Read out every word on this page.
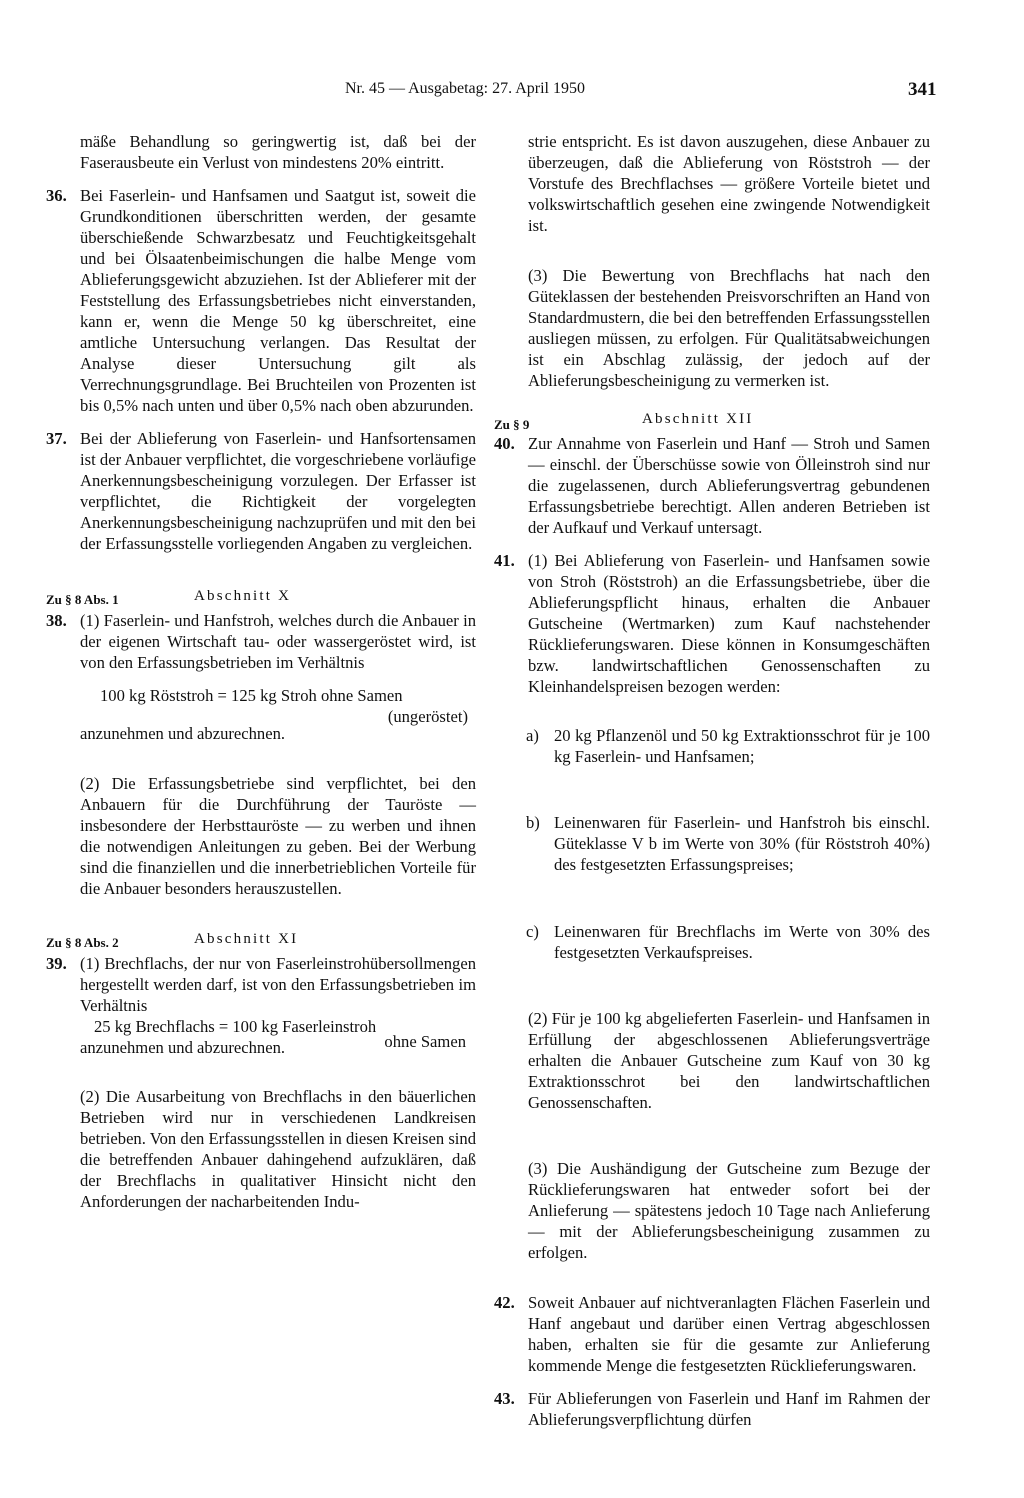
Nr. 45 — Ausgabetag: 27. April 1950	341

mäße Behandlung so geringwertig ist, daß bei der Faserausbeute ein Verlust von mindestens 20% eintritt.

36. Bei Faserlein- und Hanfsamen und Saatgut ist, soweit die Grundkonditionen überschritten werden, der gesamte überschießende Schwarzbesatz und Feuchtigkeitsgehalt und bei Ölsaatenbeimischungen die halbe Menge vom Ablieferungsgewicht abzuziehen. Ist der Ablieferer mit der Feststellung des Erfassungsbetriebes nicht einverstanden, kann er, wenn die Menge 50 kg überschreitet, eine amtliche Untersuchung verlangen. Das Resultat der Analyse dieser Untersuchung gilt als Verrechnungsgrundlage. Bei Bruchteilen von Prozenten ist bis 0,5% nach unten und über 0,5% nach oben abzurunden.

37. Bei der Ablieferung von Faserlein- und Hanfsortensamen ist der Anbauer verpflichtet, die vorgeschriebene vorläufige Anerkennungsbescheinigung vorzulegen. Der Erfasser ist verpflichtet, die Richtigkeit der vorgelegten Anerkennungsbescheinigung nachzuprüfen und mit den bei der Erfassungsstelle vorliegenden Angaben zu vergleichen.

Zu § 8 Abs. 1	Abschnitt X

38. (1) Faserlein- und Hanfstroh, welches durch die Anbauer in der eigenen Wirtschaft tau- oder wassergeröstet wird, ist von den Erfassungsbetrieben im Verhältnis

100 kg Röststroh = 125 kg Stroh ohne Samen
(ungeröstet)

anzunehmen und abzurechnen.

(2) Die Erfassungsbetriebe sind verpflichtet, bei den Anbauern für die Durchführung der Tauröste — insbesondere der Herbsttauröste — zu werben und ihnen die notwendigen Anleitungen zu geben. Bei der Werbung sind die finanziellen und die innerbetrieblichen Vorteile für die Anbauer besonders herauszustellen.

Zu § 8 Abs. 2	Abschnitt XI

39. (1) Brechflachs, der nur von Faserleinstrohübersollmengen hergestellt werden darf, ist von den Erfassungsbetrieben im Verhältnis

25 kg Brechflachs = 100 kg Faserleinstroh
anzunehmen und abzurechnen.	ohne Samen

(2) Die Ausarbeitung von Brechflachs in den bäuerlichen Betrieben wird nur in verschiedenen Landkreisen betrieben. Von den Erfassungsstellen in diesen Kreisen sind die betreffenden Anbauer dahingehend aufzuklären, daß der Brechflachs in qualitativer Hinsicht nicht den Anforderungen der nacharbeitenden Indu-

strie entspricht. Es ist davon auszugehen, diese Anbauer zu überzeugen, daß die Ablieferung von Röststroh — der Vorstufe des Brechflachses — größere Vorteile bietet und volkswirtschaftlich gesehen eine zwingende Notwendigkeit ist.

(3) Die Bewertung von Brechflachs hat nach den Güteklassen der bestehenden Preisvorschriften an Hand von Standardmustern, die bei den betreffenden Erfassungsstellen ausliegen müssen, zu erfolgen. Für Qualitätsabweichungen ist ein Abschlag zulässig, der jedoch auf der Ablieferungsbescheinigung zu vermerken ist.

Zu § 9	Abschnitt XII

40. Zur Annahme von Faserlein und Hanf — Stroh und Samen — einschl. der Überschüsse sowie von Ölleinstroh sind nur die zugelassenen, durch Ablieferungsvertrag gebundenen Erfassungsbetriebe berechtigt. Allen anderen Betrieben ist der Aufkauf und Verkauf untersagt.

41. (1) Bei Ablieferung von Faserlein- und Hanfsamen sowie von Stroh (Röststroh) an die Erfassungsbetriebe, über die Ablieferungspflicht hinaus, erhalten die Anbauer Gutscheine (Wertmarken) zum Kauf nachstehender Rücklieferungswaren. Diese können in Konsumgeschäften bzw. landwirtschaftlichen Genossenschaften zu Kleinhandelspreisen bezogen werden:

a) 20 kg Pflanzenöl und 50 kg Extraktionsschrot für je 100 kg Faserlein- und Hanfsamen;

b) Leinenwaren für Faserlein- und Hanfstroh bis einschl. Güteklasse V b im Werte von 30% (für Röststroh 40%) des festgesetzten Erfassungspreises;

c) Leinenwaren für Brechflachs im Werte von 30% des festgesetzten Verkaufspreises.

(2) Für je 100 kg abgelieferten Faserlein- und Hanfsamen in Erfüllung der abgeschlossenen Ablieferungsverträge erhalten die Anbauer Gutscheine zum Kauf von 30 kg Extraktionsschrot bei den landwirtschaftlichen Genossenschaften.

(3) Die Aushändigung der Gutscheine zum Bezuge der Rücklieferungswaren hat entweder sofort bei der Anlieferung — spätestens jedoch 10 Tage nach Anlieferung — mit der Ablieferungsbescheinigung zusammen zu erfolgen.

42. Soweit Anbauer auf nichtveranlagten Flächen Faserlein und Hanf angebaut und darüber einen Vertrag abgeschlossen haben, erhalten sie für die gesamte zur Anlieferung kommende Menge die festgesetzten Rücklieferungswaren.

43. Für Ablieferungen von Faserlein und Hanf im Rahmen der Ablieferungsverpflichtung dürfen
